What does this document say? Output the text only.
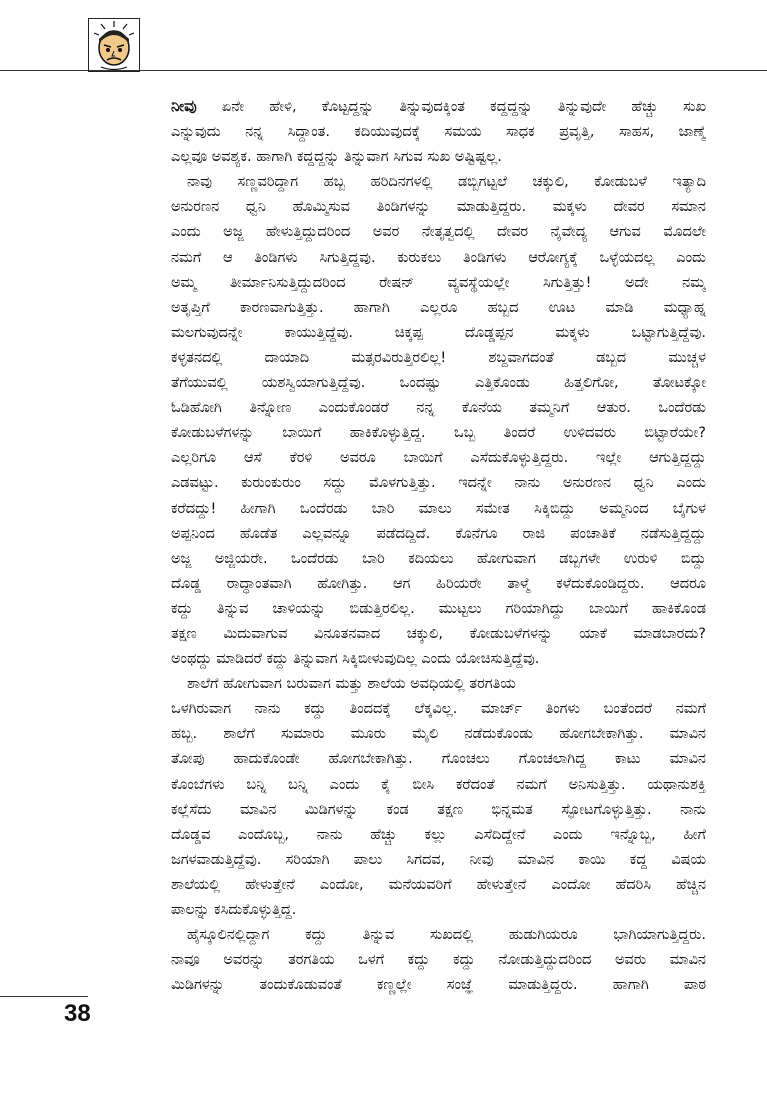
ನೀವು ಏನೇ ಹೇಳಿ, ಕೊಟ್ಟದ್ದನ್ನು ತಿನ್ನುವುದಕ್ಕಿಂತ ಕದ್ದದ್ದನ್ನು ತಿನ್ನುವುದೇ ಹೆಚ್ಚು ಸುಖ
ಎನ್ನುವುದು ನನ್ನ ಸಿದ್ದಾಂತ. ಕದಿಯುವುದಕ್ಕೆ ಸಮಯ ಸಾಧಕ ಪ್ರವೃತ್ತಿ, ಸಾಹಸ, ಜಾಣ್ಮೆ
ಎಲ್ಲವೂ ಅವಶ್ಯಕ. ಹಾಗಾಗಿ ಕದ್ದದ್ದನ್ನು ತಿನ್ನುವಾಗ ಸಿಗುವ ಸುಖ ಅಷ್ಟಿಷ್ಟಲ್ಲ.
ನಾವು ಸಣ್ಣವರಿದ್ದಾಗ ಹಬ್ಬ ಹರಿದಿನಗಳಲ್ಲಿ ಡಬ್ಬಿಗಟ್ಟಲೆ ಚಕ್ಕುಲಿ, ಕೋಡುಬಳೆ ಇತ್ಯಾದಿ
ಅನುರಣನ ಧ್ವನಿ ಹೊಮ್ಮಿಸುವ ತಿಂಡಿಗಳನ್ನು ಮಾಡುತ್ತಿದ್ದರು. ಮಕ್ಕಳು ದೇವರ ಸಮಾನ
ಎಂದು ಅಜ್ಜ ಹೇಳುತ್ತಿದ್ದುದರಿಂದ ಅವರ ನೇತೃತ್ವದಲ್ಲಿ ದೇವರ ನೈವೇದ್ಯ ಆಗುವ ಮೊದಲೇ
ನಮಗೆ ಆ ತಿಂಡಿಗಳು ಸಿಗುತ್ತಿದ್ದವು. ಕುರುಕಲು ತಿಂಡಿಗಳು ಆರೋಗ್ಯಕ್ಕೆ ಒಳ್ಳೆಯದಲ್ಲ ಎಂದು
ಅಮ್ಮ ತೀರ್ಮಾನಿಸುತ್ತಿದ್ದುದರಿಂದ ರೇಷನ್ ವ್ಯವಸ್ಥೆಯಲ್ಲೇ ಸಿಗುತ್ತಿತ್ತು! ಅದೇ ನಮ್ಮ
ಅತೃಪ್ತಿಗೆ ಕಾರಣವಾಗುತ್ತಿತ್ತು. ಹಾಗಾಗಿ ಎಲ್ಲರೂ ಹಬ್ಬದ ಊಟ ಮಾಡಿ ಮಧ್ಯಾಹ್ನ
ಮಲಗುವುದನ್ನೇ ಕಾಯುತ್ತಿದ್ದೆವು. ಚಿಕ್ಕಪ್ಪ ದೊಡ್ಡಪ್ಪನ ಮಕ್ಕಳು ಒಟ್ಟಾಗುತ್ತಿದ್ದೆವು.
ಕಳ್ಳತನದಲ್ಲಿ ದಾಯಾದಿ ಮತ್ಸರವಿರುತ್ತಿರಲಿಲ್ಲ! ಶಬ್ದವಾಗದಂತೆ ಡಬ್ಬದ ಮುಚ್ಚಳ
ತೆಗೆಯುವಲ್ಲಿ ಯಶಸ್ವಿಯಾಗುತ್ತಿದ್ದೆವು. ಒಂದಷ್ಟು ಎತ್ತಿಕೊಂಡು ಹಿತ್ತಲಿಗೋ, ತೋಟಕ್ಕೋ
ಓಡಿಹೋಗಿ ತಿನ್ನೋಣ ಎಂದುಕೊಂಡರೆ ನನ್ನ ಕೊನೆಯ ತಮ್ಮನಿಗೆ ಆತುರ. ಒಂದೆರಡು
ಕೋಡುಬಳೆಗಳನ್ನು ಬಾಯಿಗೆ ಹಾಕಿಕೊಳ್ಳುತ್ತಿದ್ದ. ಒಬ್ಬ ತಿಂದರೆ ಉಳಿದವರು ಬಿಟ್ಟಾರೆಯೇ?
ಎಲ್ಲರಿಗೂ ಆಸೆ ಕೆರಳಿ ಅವರೂ ಬಾಯಿಗೆ ಎಸೆದುಕೊಳ್ಳುತ್ತಿದ್ದರು. ಇಲ್ಲೇ ಆಗುತ್ತಿದ್ದದ್ದು
ಎಡವಟ್ಟು. ಕುರುಂಕುರುಂ ಸದ್ದು ಮೊಳಗುತ್ತಿತ್ತು. ಇದನ್ನೇ ನಾನು ಅನುರಣನ ಧ್ವನಿ ಎಂದು
ಕರೆದದ್ದು! ಹೀಗಾಗಿ ಒಂದೆರಡು ಬಾರಿ ಮಾಲು ಸಮೇತ ಸಿಕ್ಕಿಬಿದ್ದು ಅಮ್ಮನಿಂದ ಬೈಗುಳ
ಅಪ್ಪನಿಂದ ಹೊಡೆತ ಎಲ್ಲವನ್ನೂ ಪಡೆದದ್ದಿದೆ. ಕೊನೆಗೂ ರಾಜಿ ಪಂಚಾತಿಕೆ ನಡೆಸುತ್ತಿದ್ದದ್ದು
ಅಜ್ಜ ಅಜ್ಜಿಯರೇ. ಒಂದೆರಡು ಬಾರಿ ಕದಿಯಲು ಹೋಗುವಾಗ ಡಬ್ಬಗಳೇ ಉರುಳಿ ಬಿದ್ದು
ದೊಡ್ಡ ರಾದ್ಧಾಂತವಾಗಿ ಹೋಗಿತ್ತು. ಆಗ ಹಿರಿಯರೇ ತಾಳ್ಮೆ ಕಳೆದುಕೊಂಡಿದ್ದರು. ಆದರೂ
ಕದ್ದು ತಿನ್ನುವ ಚಾಳಿಯನ್ನು ಬಿಡುತ್ತಿರಲಿಲ್ಲ. ಮುಟ್ಟಲು ಗರಿಯಾಗಿದ್ದು ಬಾಯಿಗೆ ಹಾಕಿಕೊಂಡ
ತಕ್ಷಣ ಮಿದುವಾಗುವ ವಿನೂತನವಾದ ಚಕ್ಕುಲಿ, ಕೋಡುಬಳೆಗಳನ್ನು ಯಾಕೆ ಮಾಡಬಾರದು?
ಅಂಥದ್ದು ಮಾಡಿದರೆ ಕದ್ದು ತಿನ್ನುವಾಗ ಸಿಕ್ಕಿಬೀಳುವುದಿಲ್ಲ ಎಂದು ಯೋಚಿಸುತ್ತಿದ್ದೆವು.
ಶಾಲೆಗೆ ಹೋಗುವಾಗ ಬರುವಾಗ ಮತ್ತು ಶಾಲೆಯ ಅವಧಿಯಲ್ಲಿ ತರಗತಿಯ
ಒಳಗಿರುವಾಗ ನಾನು ಕದ್ದು ತಿಂದದಕ್ಕೆ ಲೆಕ್ಕವಿಲ್ಲ. ಮಾರ್ಚ್ ತಿಂಗಳು ಬಂತೆಂದರೆ ನಮಗೆ
ಹಬ್ಬ. ಶಾಲೆಗೆ ಸುಮಾರು ಮೂರು ಮೈಲಿ ನಡೆದುಕೊಂಡು ಹೋಗಬೇಕಾಗಿತ್ತು. ಮಾವಿನ
ತೋಪು ಹಾದುಕೊಂಡೇ ಹೋಗಬೇಕಾಗಿತ್ತು. ಗೊಂಚಲು ಗೊಂಚಲಾಗಿದ್ದ ಕಾಟು ಮಾವಿನ
ಕೊಂಬೆಗಳು ಬನ್ನಿ ಬನ್ನಿ ಎಂದು ಕೈ ಬೀಸಿ ಕರೆದಂತೆ ನಮಗೆ ಅನಿಸುತ್ತಿತ್ತು. ಯಥಾನುಶಕ್ತಿ
ಕಲ್ಲೆಸೆದು ಮಾವಿನ ಮಿಡಿಗಳನ್ನು ಕಂಡ ತಕ್ಷಣ ಭಿನ್ನಮತ ಸ್ಫೋಟಗೊಳ್ಳುತ್ತಿತ್ತು. ನಾನು
ದೊಡ್ಡವ ಎಂದೊಬ್ಬ, ನಾನು ಹೆಚ್ಚು ಕಲ್ಲು ಎಸೆದಿದ್ದೇನೆ ಎಂದು ಇನ್ನೊಬ್ಬ, ಹೀಗೆ
ಜಗಳವಾಡುತ್ತಿದ್ದೆವು. ಸರಿಯಾಗಿ ಪಾಲು ಸಿಗದವ, ನೀವು ಮಾವಿನ ಕಾಯಿ ಕದ್ದ ವಿಷಯ
ಶಾಲೆಯಲ್ಲಿ ಹೇಳುತ್ತೇನೆ ಎಂದೋ, ಮನೆಯವರಿಗೆ ಹೇಳುತ್ತೇನೆ ಎಂದೋ ಹೆದರಿಸಿ ಹೆಚ್ಚಿನ
ಪಾಲನ್ನು ಕಸಿದುಕೊಳ್ಳುತ್ತಿದ್ದ.
ಹೈಸ್ಕೂಲಿನಲ್ಲಿದ್ದಾಗ ಕದ್ದು ತಿನ್ನುವ ಸುಖದಲ್ಲಿ ಹುಡುಗಿಯರೂ ಭಾಗಿಯಾಗುತ್ತಿದ್ದರು.
ನಾವೂ ಅವರನ್ನು ತರಗತಿಯ ಒಳಗೆ ಕದ್ದು ಕದ್ದು ನೋಡುತ್ತಿದ್ದುದರಿಂದ ಅವರು ಮಾವಿನ
ಮಿಡಿಗಳನ್ನು ತಂದುಕೊಡುವಂತೆ ಕಣ್ಣಲ್ಲೇ ಸಂಜ್ಞೆ ಮಾಡುತ್ತಿದ್ದರು. ಹಾಗಾಗಿ ಪಾಠ
38
